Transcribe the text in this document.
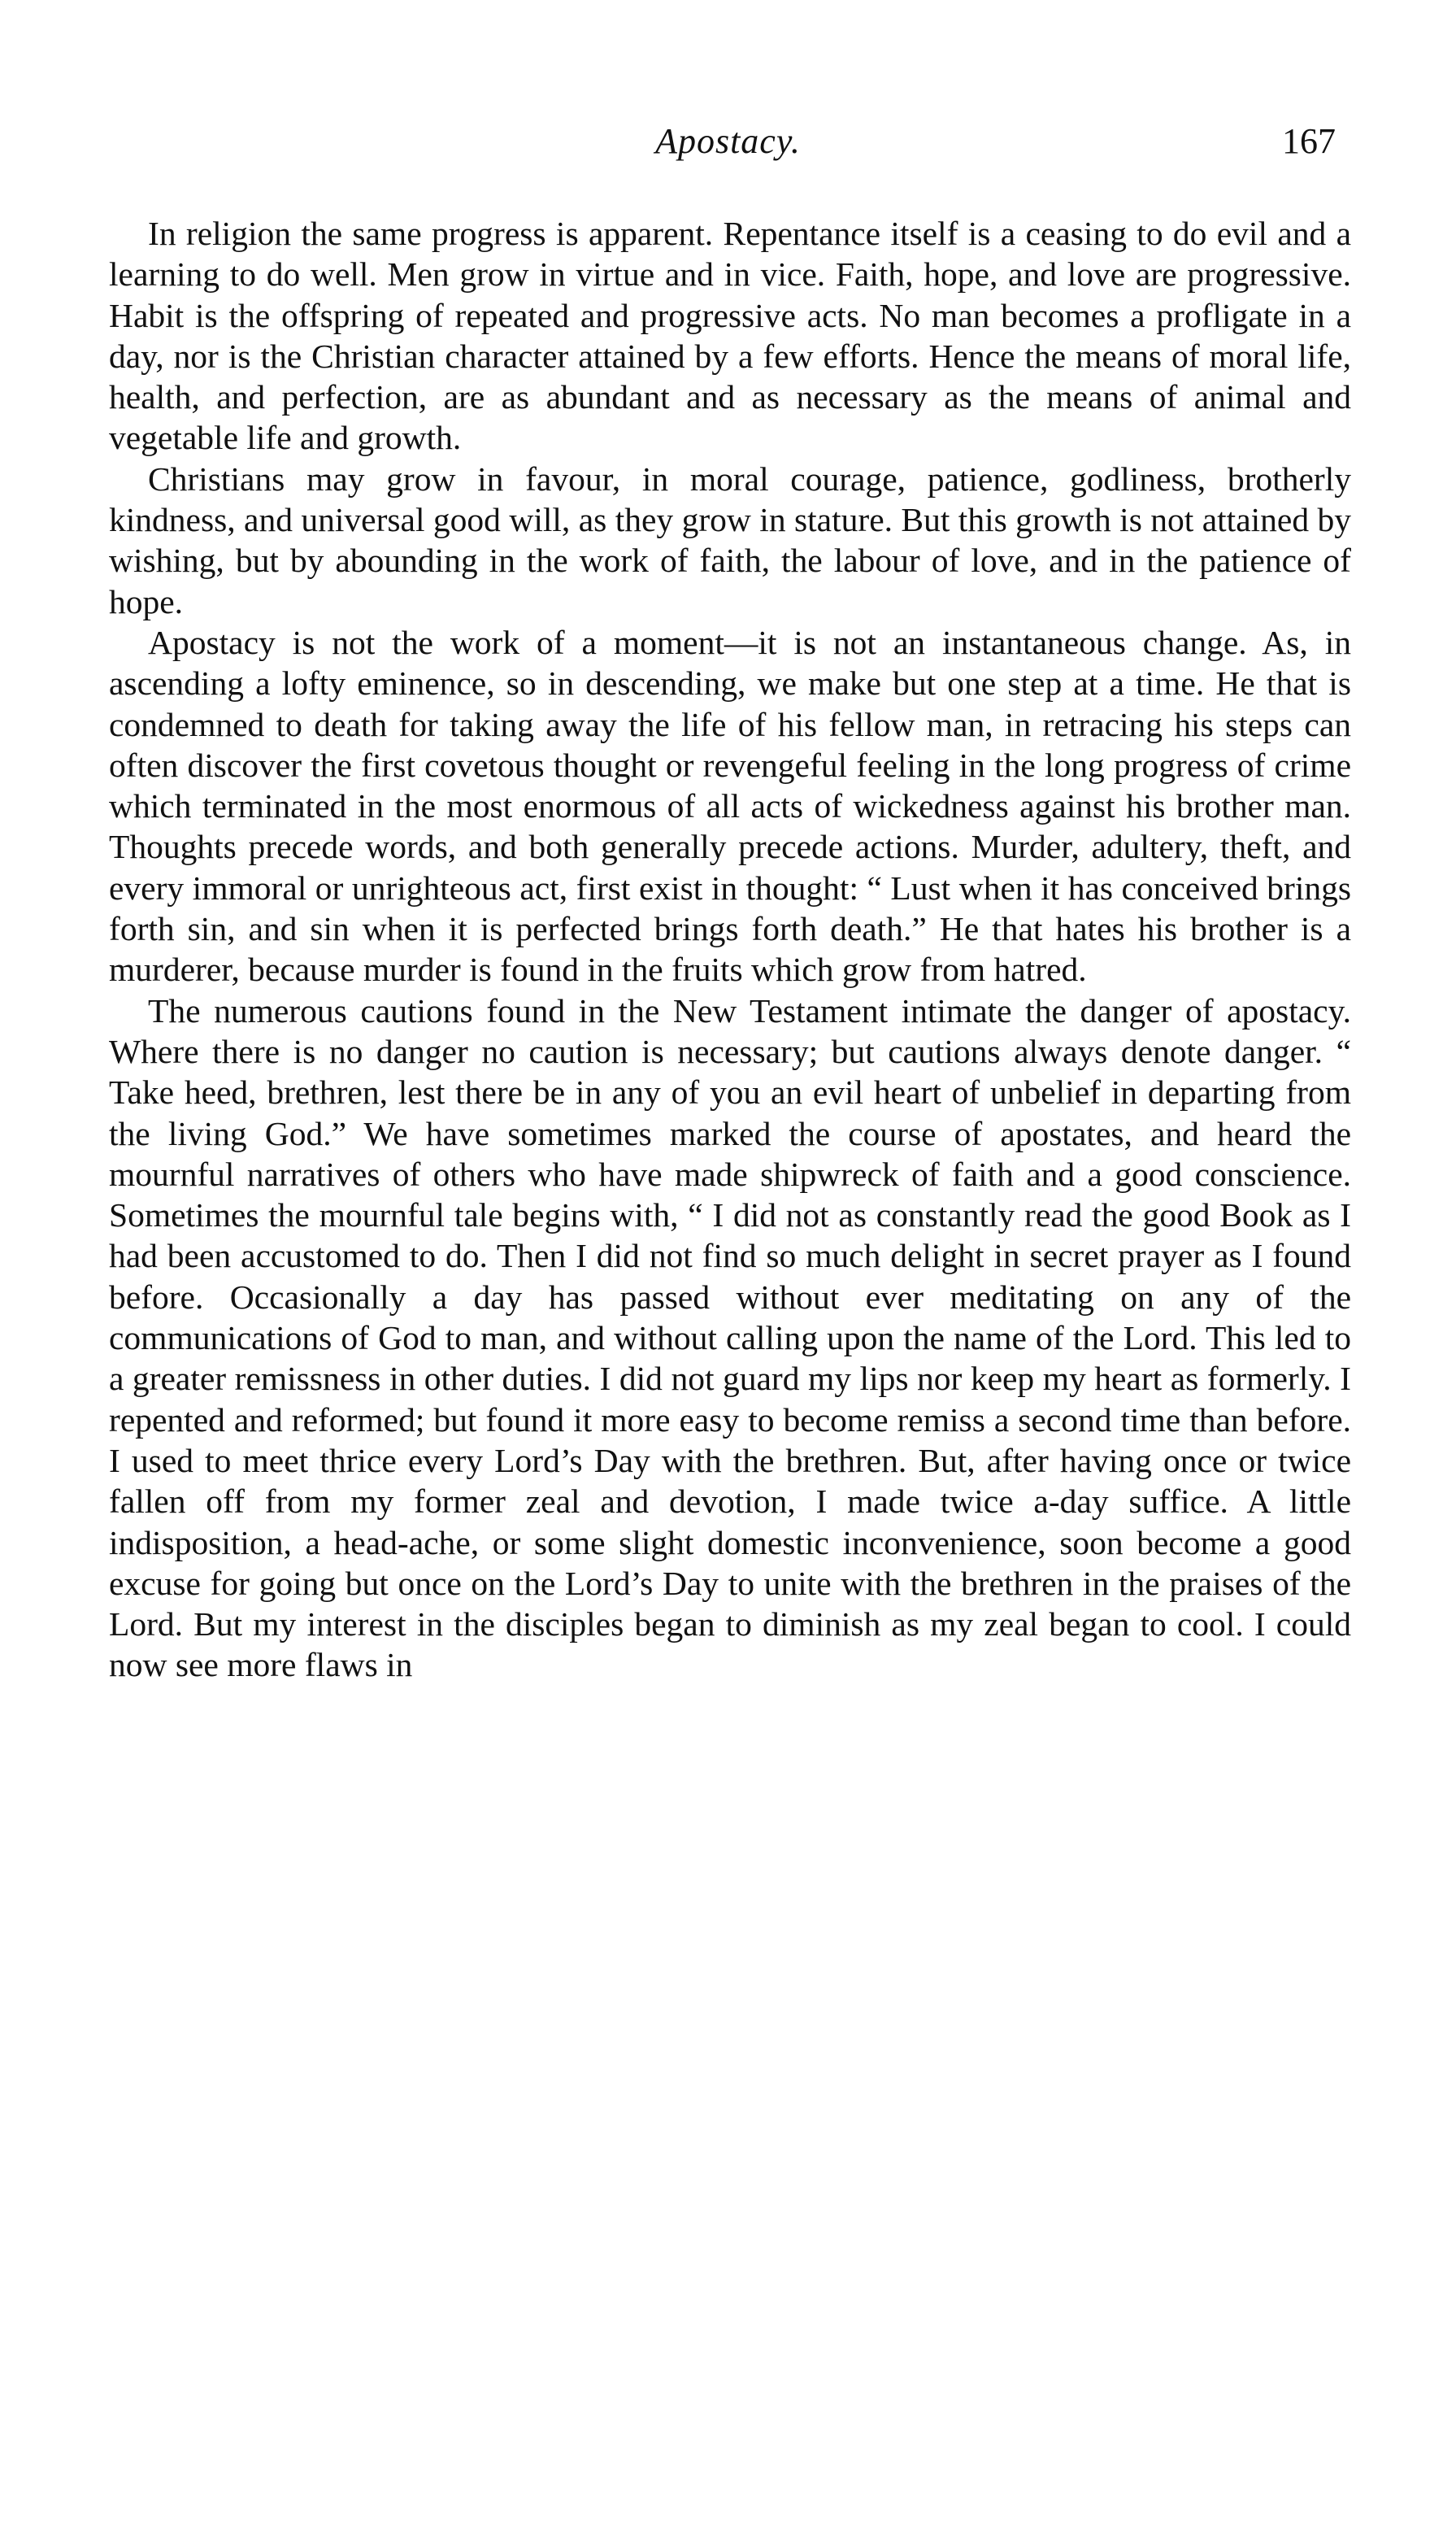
Apostacy.	167

In religion the same progress is apparent. Repentance itself is a ceasing to do evil and a learning to do well. Men grow in virtue and in vice. Faith, hope, and love are progressive. Habit is the offspring of repeated and progressive acts. No man becomes a profligate in a day, nor is the Christian character attained by a few efforts. Hence the means of moral life, health, and perfection, are as abundant and as necessary as the means of animal and vegetable life and growth.

Christians may grow in favour, in moral courage, patience, godliness, brotherly kindness, and universal good will, as they grow in stature. But this growth is not attained by wishing, but by abounding in the work of faith, the labour of love, and in the patience of hope.

Apostacy is not the work of a moment—it is not an instantaneous change. As, in ascending a lofty eminence, so in descending, we make but one step at a time. He that is condemned to death for taking away the life of his fellow man, in retracing his steps can often discover the first covetous thought or revengeful feeling in the long progress of crime which terminated in the most enormous of all acts of wickedness against his brother man. Thoughts precede words, and both generally precede actions. Murder, adultery, theft, and every immoral or unrighteous act, first exist in thought: “ Lust when it has conceived brings forth sin, and sin when it is perfected brings forth death.” He that hates his brother is a murderer, because murder is found in the fruits which grow from hatred.

The numerous cautions found in the New Testament intimate the danger of apostacy. Where there is no danger no caution is necessary; but cautions always denote danger. “ Take heed, brethren, lest there be in any of you an evil heart of unbelief in departing from the living God.” We have sometimes marked the course of apostates, and heard the mournful narratives of others who have made shipwreck of faith and a good conscience. Sometimes the mournful tale begins with, “ I did not as constantly read the good Book as I had been accustomed to do. Then I did not find so much delight in secret prayer as I found before. Occasionally a day has passed without ever meditating on any of the communications of God to man, and without calling upon the name of the Lord. This led to a greater remissness in other duties. I did not guard my lips nor keep my heart as formerly. I repented and reformed; but found it more easy to become remiss a second time than before. I used to meet thrice every Lord’s Day with the brethren. But, after having once or twice fallen off from my former zeal and devotion, I made twice a-day suffice. A little indisposition, a head-ache, or some slight domestic inconvenience, soon become a good excuse for going but once on the Lord’s Day to unite with the brethren in the praises of the Lord. But my interest in the disciples began to diminish as my zeal began to cool. I could now see more flaws in
